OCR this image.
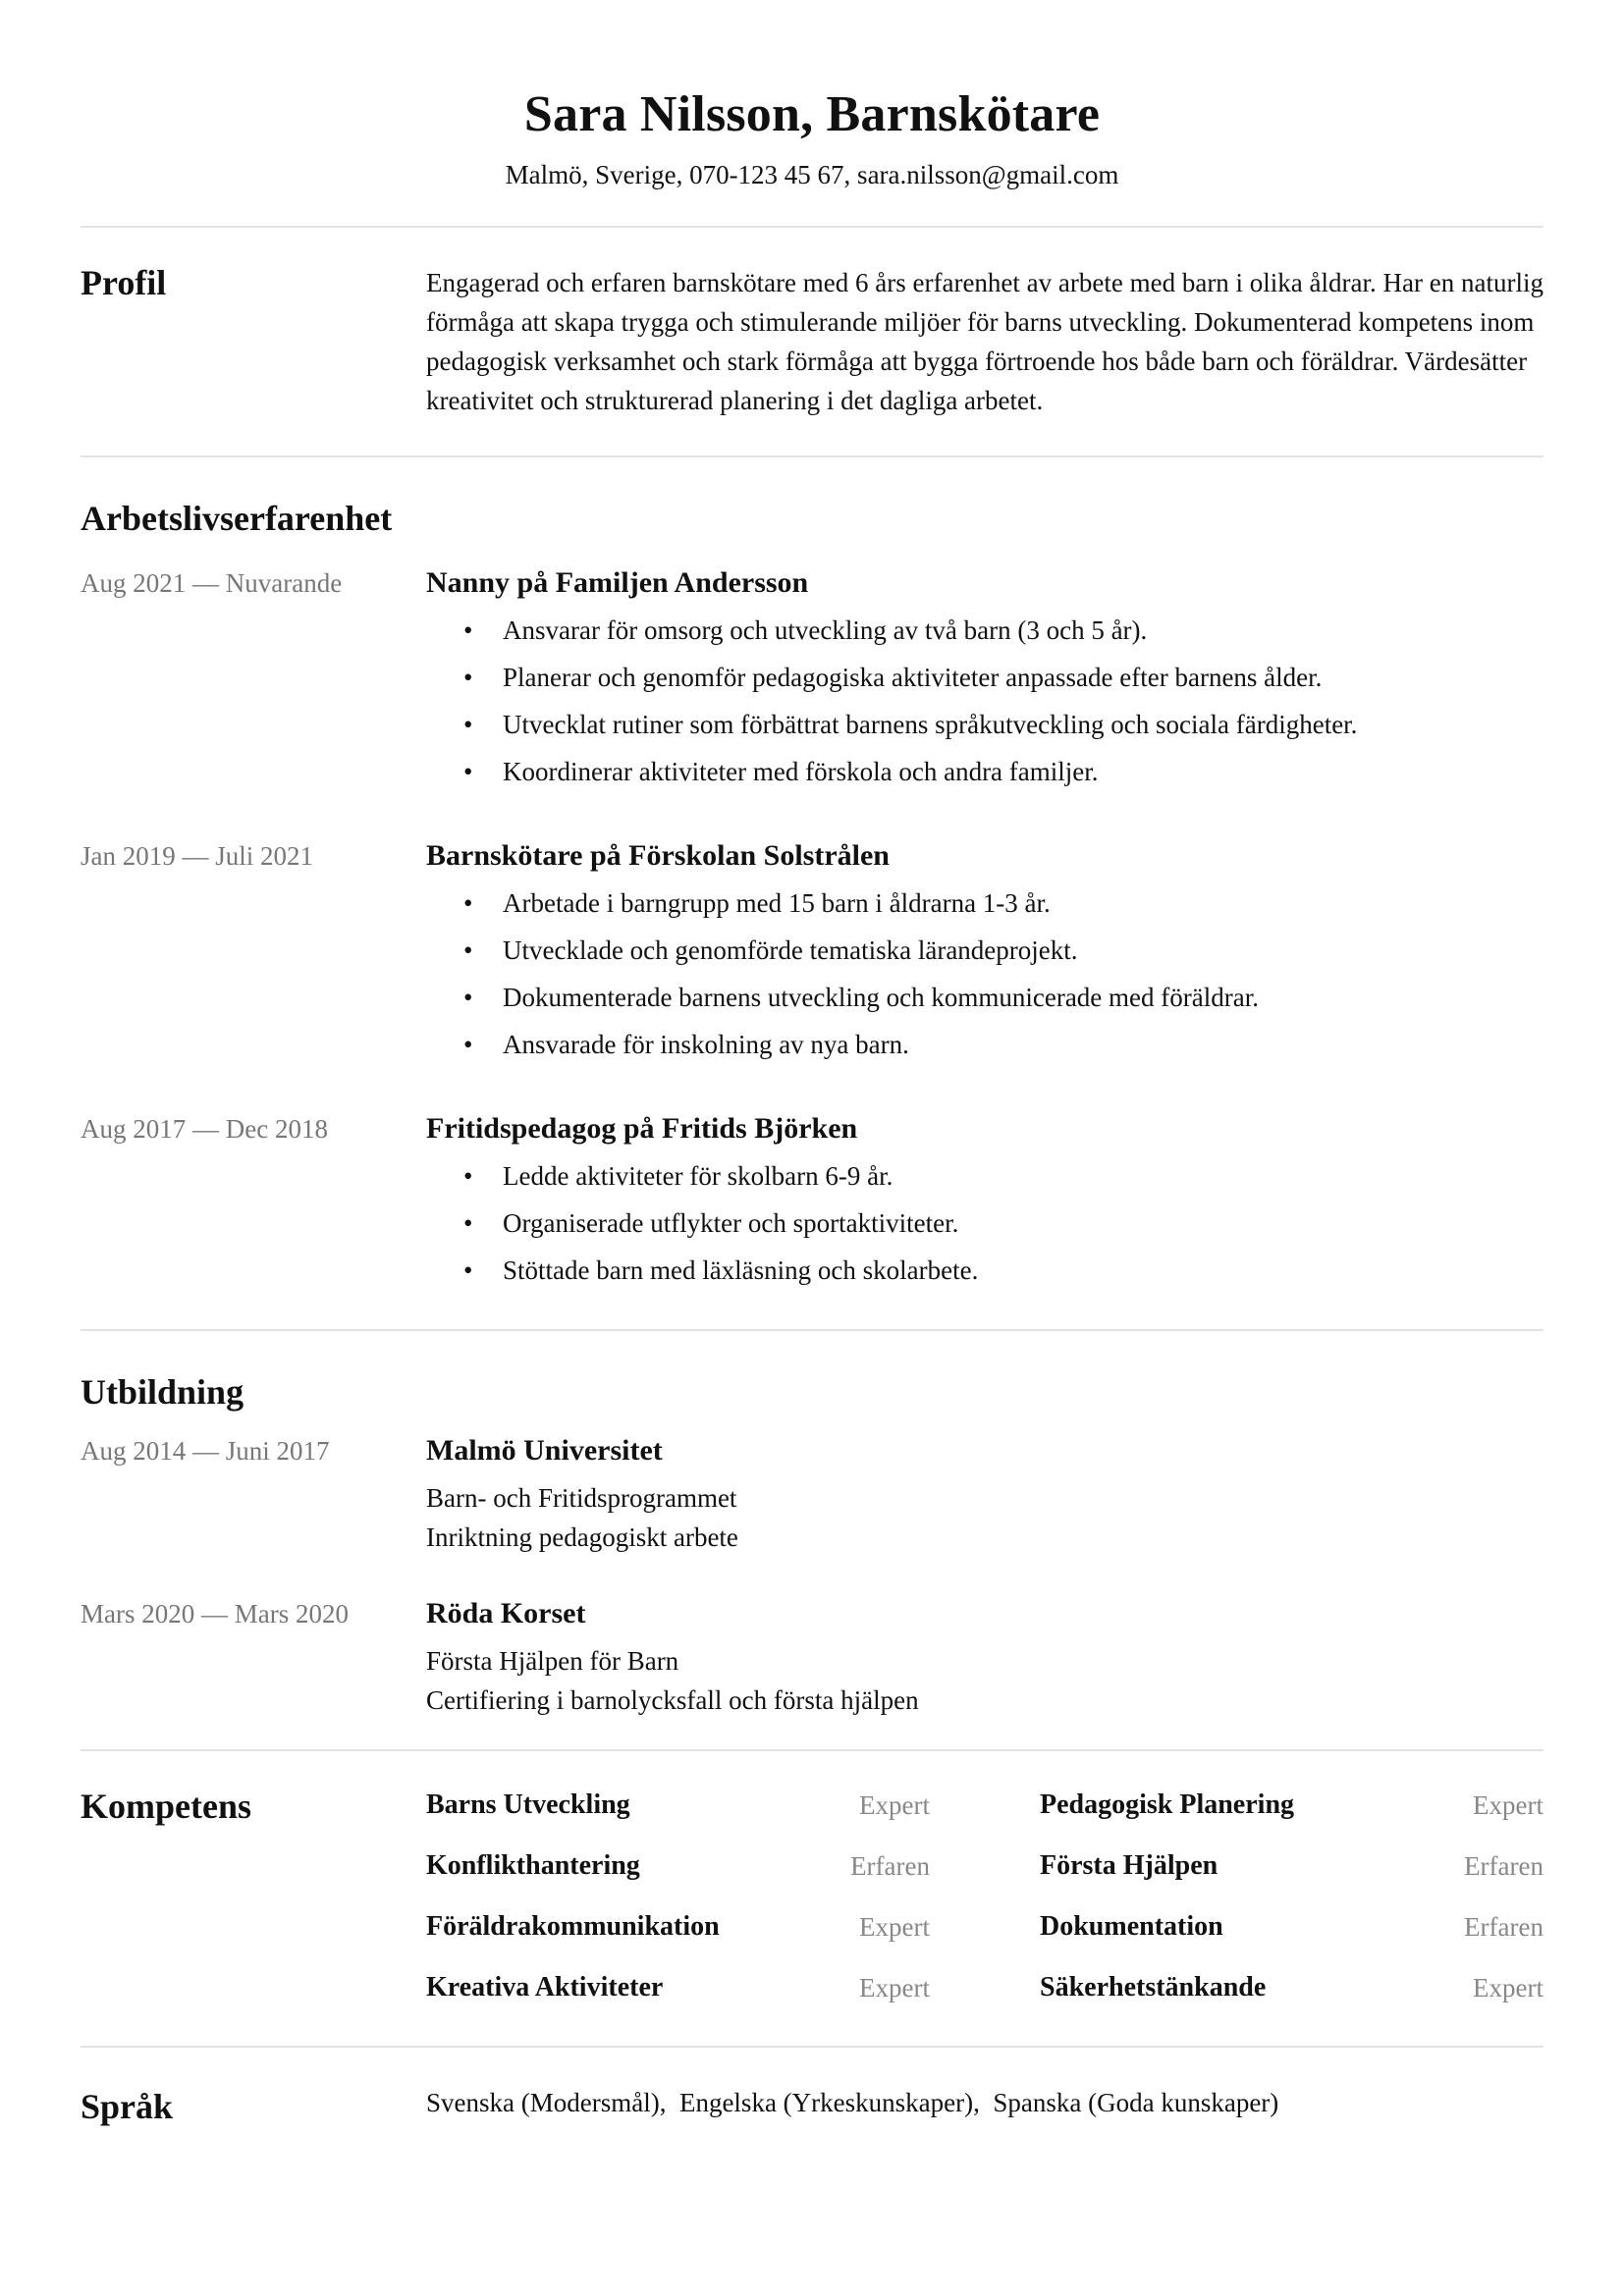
Sara Nilsson, Barnskötare
Malmö, Sverige, 070-123 45 67, sara.nilsson@gmail.com
Profil	Engagerad och erfaren barnskötare med 6 års erfarenhet av arbete med barn i olika åldrar. Har en naturlig förmåga att skapa trygga och stimulerande miljöer för barns utveckling. Dokumenterad kompetens inom pedagogisk verksamhet och stark förmåga att bygga förtroende hos både barn och föräldrar. Värdesätter kreativitet och strukturerad planering i det dagliga arbetet.

Arbetslivserfarenhet
Aug 2021 — Nuvarande	Nanny på Familjen Andersson
• Ansvarar för omsorg och utveckling av två barn (3 och 5 år).
• Planerar och genomför pedagogiska aktiviteter anpassade efter barnens ålder.
• Utvecklat rutiner som förbättrat barnens språkutveckling och sociala färdigheter.
• Koordinerar aktiviteter med förskola och andra familjer.
Jan 2019 — Juli 2021	Barnskötare på Förskolan Solstrålen
• Arbetade i barngrupp med 15 barn i åldrarna 1-3 år.
• Utvecklade och genomförde tematiska lärandeprojekt.
• Dokumenterade barnens utveckling och kommunicerade med föräldrar.
• Ansvarade för inskolning av nya barn.
Aug 2017 — Dec 2018	Fritidspedagog på Fritids Björken
• Ledde aktiviteter för skolbarn 6-9 år.
• Organiserade utflykter och sportaktiviteter.
• Stöttade barn med läxläsning och skolarbete.
Utbildning
Aug 2014 — Juni 2017	Malmö Universitet
Barn- och Fritidsprogrammet
Inriktning pedagogiskt arbete
Mars 2020 — Mars 2020	Röda Korset
Första Hjälpen för Barn
Certifiering i barnolycksfall och första hjälpen
Kompetens	Barns Utveckling	Expert	Pedagogisk Planering	Expert
Konflikthantering	Erfaren	Första Hjälpen	Erfaren
Föräldrakommunikation	Expert	Dokumentation	Erfaren
Kreativa Aktiviteter	Expert	Säkerhetstänkande	Expert
Språk	Svenska (Modersmål),  Engelska (Yrkeskunskaper),  Spanska (Goda kunskaper)
